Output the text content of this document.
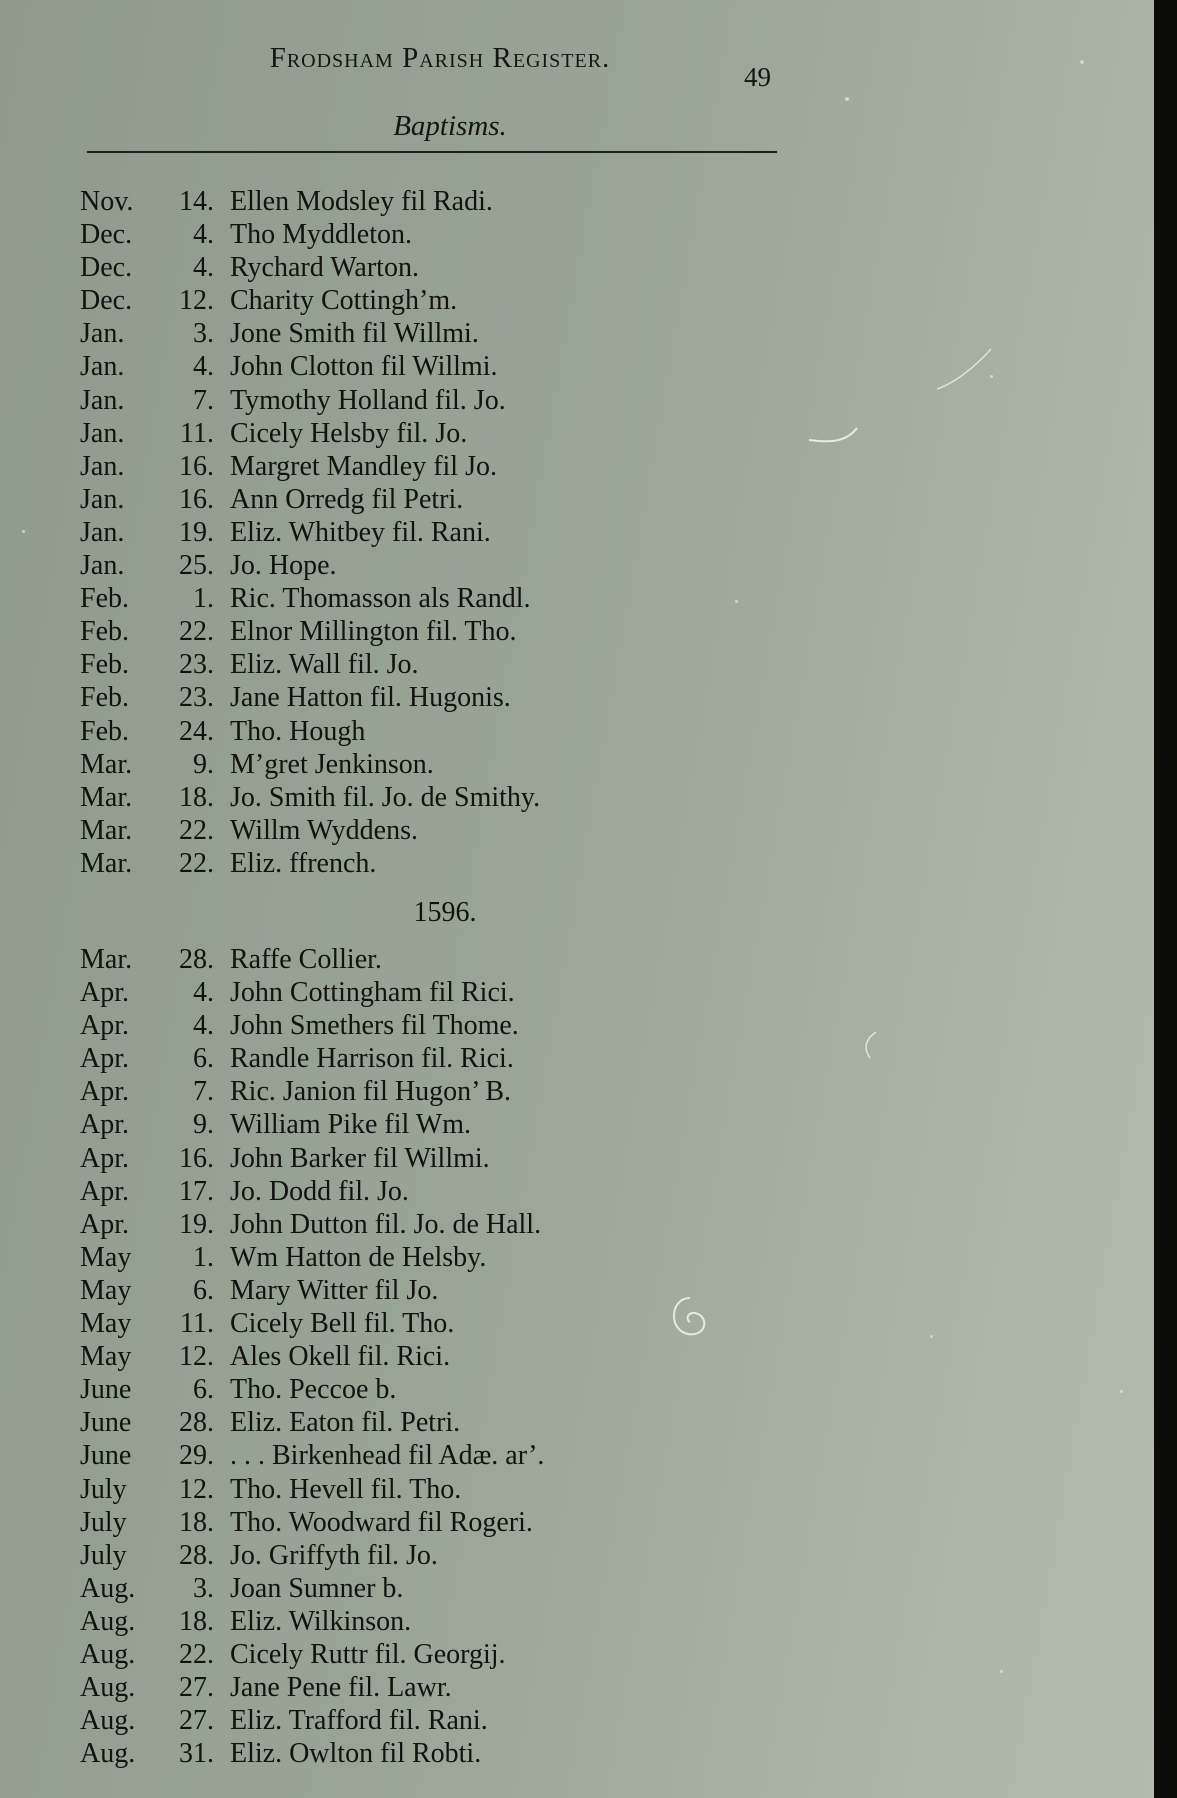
Frodsham Parish Register.
49
Baptisms.
Nov.	14. Ellen Modsley fil Radi.
Dec.	4. Tho Myddleton.
Dec.	4. Rychard Warton.
Dec.	12. Charity Cottingh’m.
Jan.	3. Jone Smith fil Willmi.
Jan.	4. John Clotton fil Willmi.
Jan.	7. Tymothy Holland fil. Jo.
Jan.	11. Cicely Helsby fil. Jo.
Jan.	16. Margret Mandley fil Jo.
Jan.	16. Ann Orredg fil Petri.
Jan.	19. Eliz. Whitbey fil. Rani.
Jan.	25. Jo. Hope.
Feb.	1. Ric. Thomasson als Randl.
Feb.	22. Elnor Millington fil. Tho.
Feb.	23. Eliz. Wall fil. Jo.
Feb.	23. Jane Hatton fil. Hugonis.
Feb.	24. Tho. Hough
Mar.	9. M’gret Jenkinson.
Mar.	18. Jo. Smith fil. Jo. de Smithy.
Mar.	22. Willm Wyddens.
Mar.	22. Eliz. ffrench.
1596.
Mar.	28. Raffe Collier.
Apr.	4. John Cottingham fil Rici.
Apr.	4. John Smethers fil Thome.
Apr.	6. Randle Harrison fil. Rici.
Apr.	7. Ric. Janion fil Hugon’ B.
Apr.	9. William Pike fil Wm.
Apr.	16. John Barker fil Willmi.
Apr.	17. Jo. Dodd fil. Jo.
Apr.	19. John Dutton fil. Jo. de Hall.
May	1. Wm Hatton de Helsby.
May	6. Mary Witter fil Jo.
May	11. Cicely Bell fil. Tho.
May	12. Ales Okell fil. Rici.
June	6. Tho. Peccoe b.
June	28. Eliz. Eaton fil. Petri.
June	29. . . . Birkenhead fil Adæ. ar’.
July	12. Tho. Hevell fil. Tho.
July	18. Tho. Woodward fil Rogeri.
July	28. Jo. Griffyth fil. Jo.
Aug.	3. Joan Sumner b.
Aug.	18. Eliz. Wilkinson.
Aug.	22. Cicely Ruttr fil. Georgij.
Aug.	27. Jane Pene fil. Lawr.
Aug.	27. Eliz. Trafford fil. Rani.
Aug.	31. Eliz. Owlton fil Robti.
